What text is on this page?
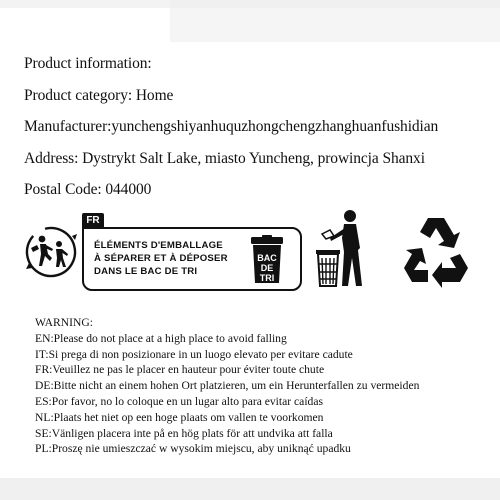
Product information:
Product category: Home
Manufacturer:yunchengshiyanhuquzhongchengzhanghuanfushidian
Address: Dystrykt Salt Lake, miasto Yuncheng, prowincja Shanxi
Postal Code: 044000
FR
ÉLÉMENTS D'EMBALLAGE
À SÉPARER ET À DÉPOSER
DANS LE BAC DE TRI
BAC
DE
TRI
WARNING:
EN:Please do not place at a high place to avoid falling
IT:Si prega di non posizionare in un luogo elevato per evitare cadute
FR:Veuillez ne pas le placer en hauteur pour éviter toute chute
DE:Bitte nicht an einem hohen Ort platzieren, um ein Herunterfallen zu vermeiden
ES:Por favor, no lo coloque en un lugar alto para evitar caídas
NL:Plaats het niet op een hoge plaats om vallen te voorkomen
SE:Vänligen placera inte på en hög plats för att undvika att falla
PL:Proszę nie umieszczać w wysokim miejscu, aby uniknąć upadku
